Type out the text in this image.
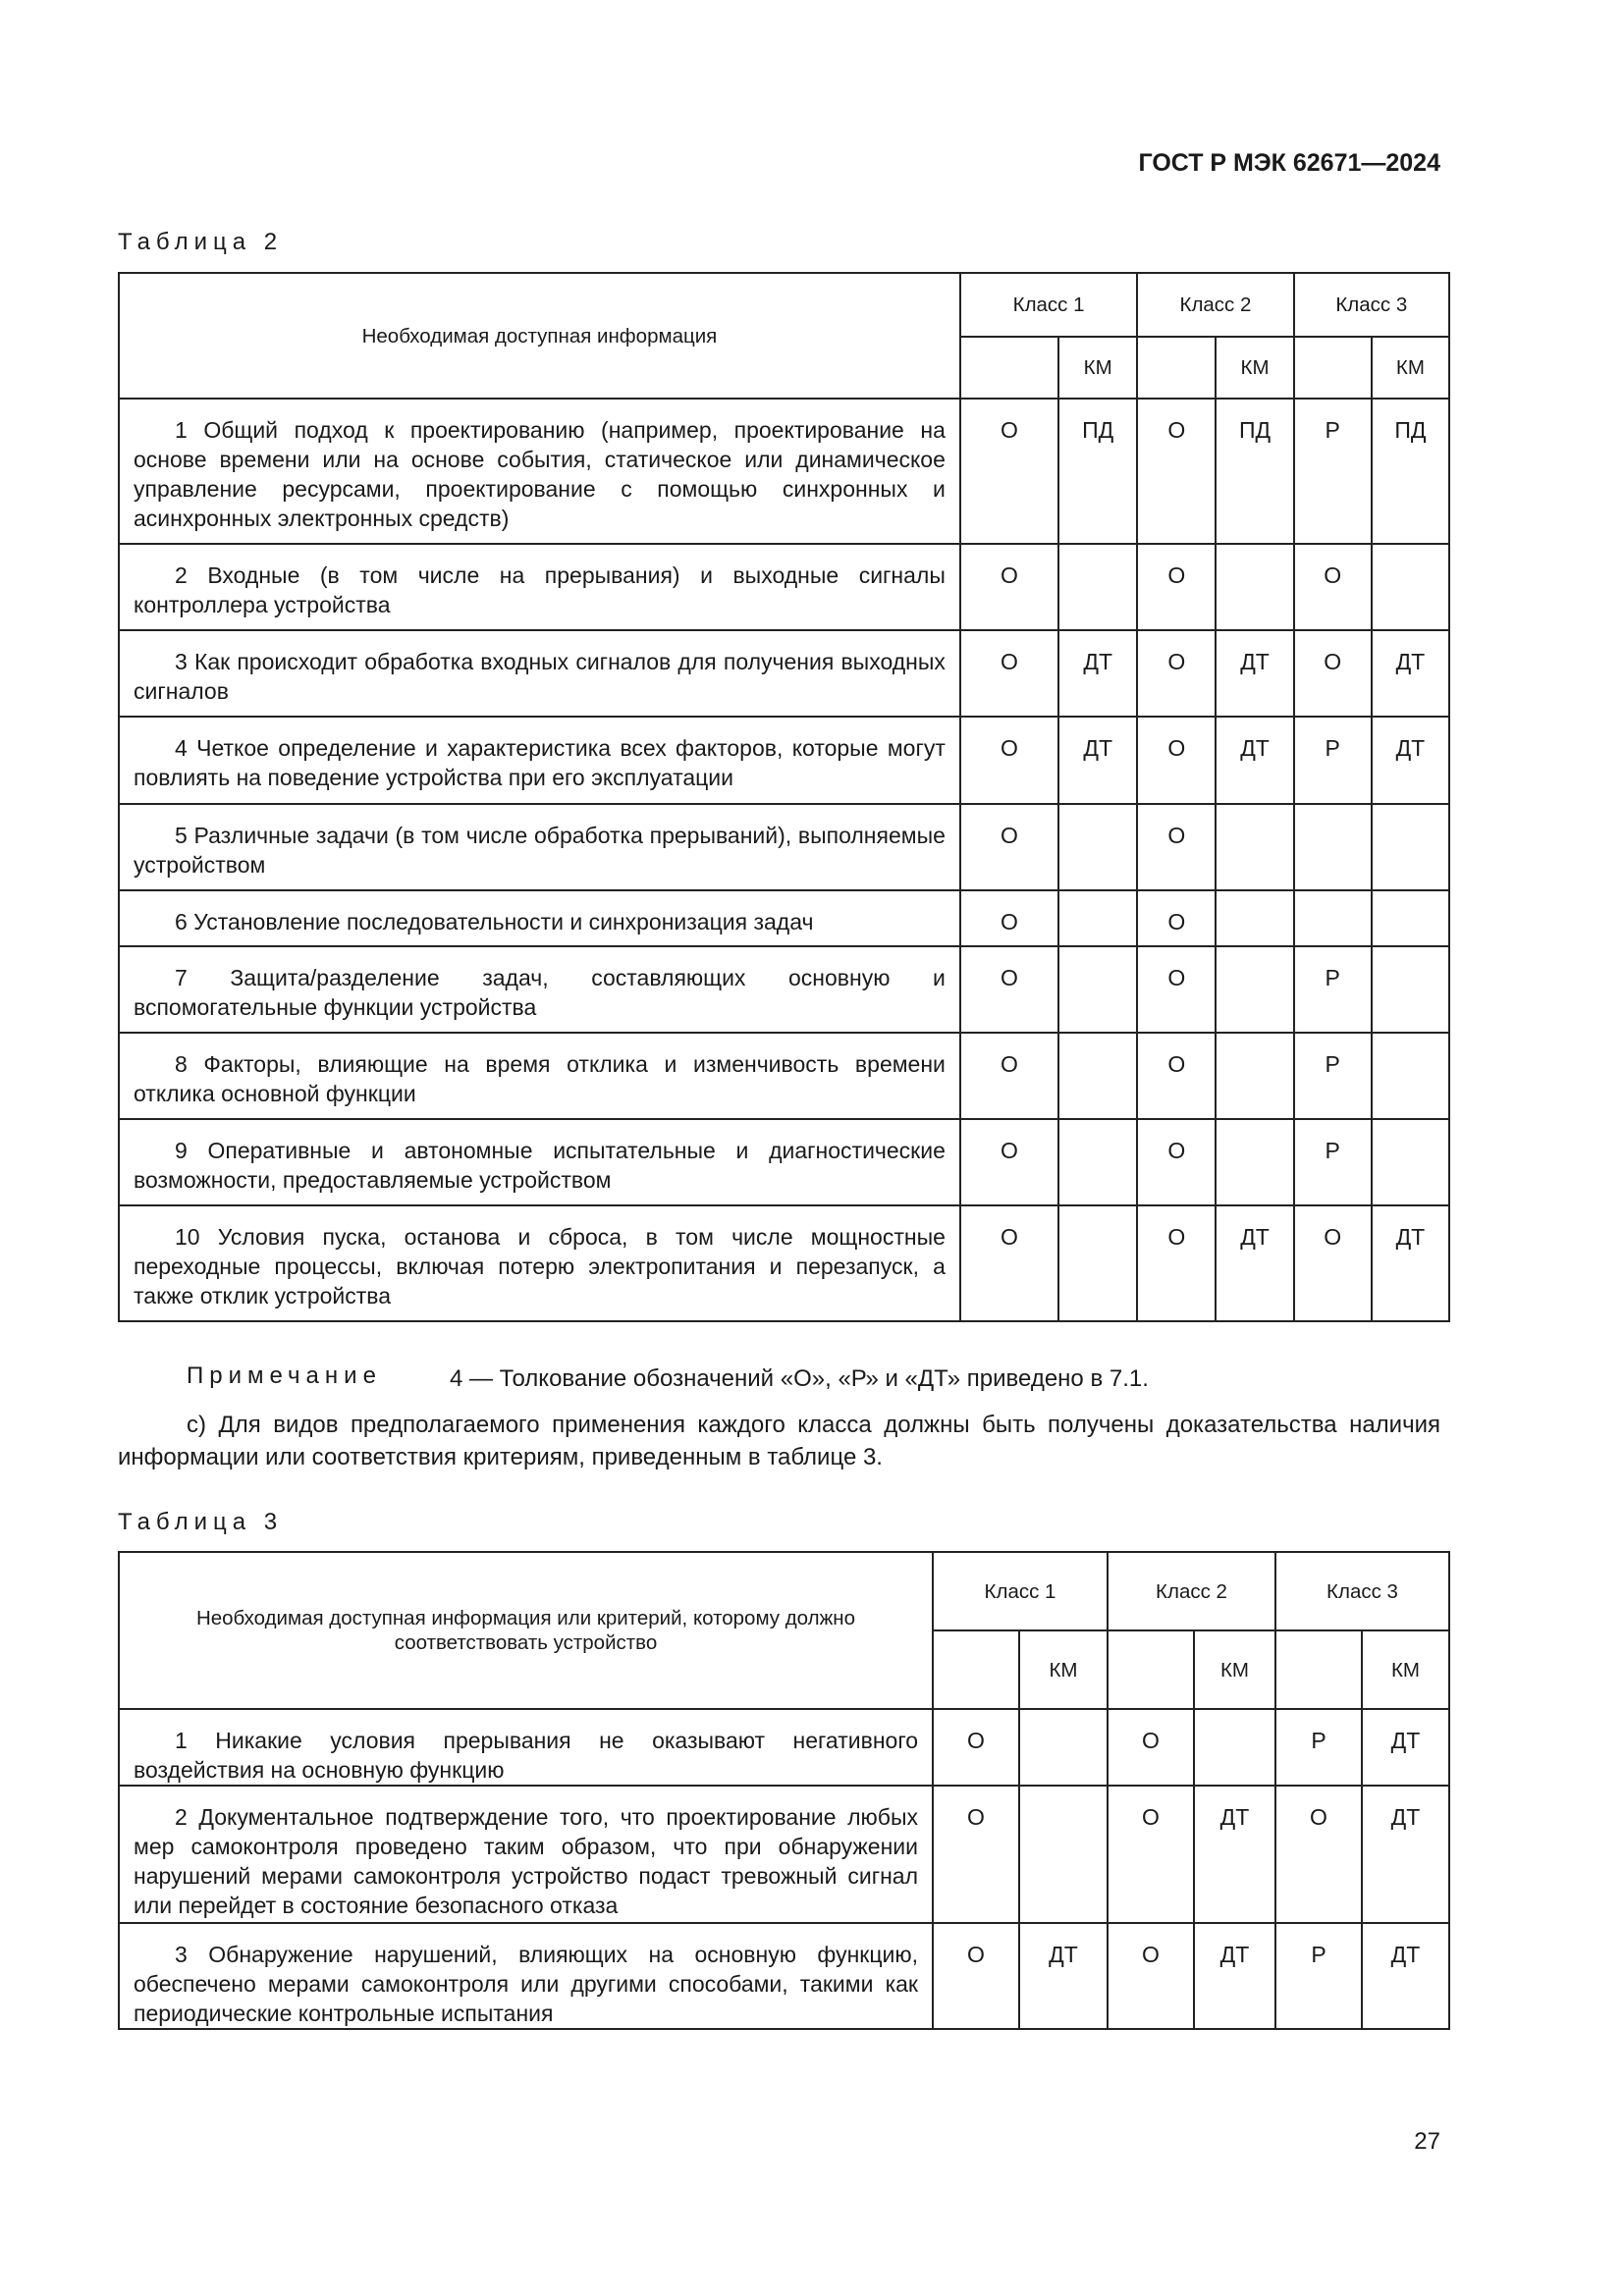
ГОСТ Р МЭК 62671—2024
Таблица 2
Необходимая доступная информация	Класс 1		Класс 2		Класс 3	
		КМ		КМ		КМ

1 Общий подход к проектированию (например, проектирование на основе времени или на основе события, статическое или динамическое управление ресурсами, проектирование с помощью синхронных и асинхронных электронных средств)	О	ПД	О	ПД	Р	ПД

2 Входные (в том числе на прерывания) и выходные сигналы контроллера устройства	О		О		О	

3 Как происходит обработка входных сигналов для получения выходных сигналов	О	ДТ	О	ДТ	О	ДТ

4 Четкое определение и характеристика всех факторов, которые могут повлиять на поведение устройства при его эксплуатации	О	ДТ	О	ДТ	Р	ДТ

5 Различные задачи (в том числе обработка прерываний), выполняемые устройством	О		О			

6 Установление последовательности и синхронизация задач	О		О			

7 Защита/разделение задач, составляющих основную и вспомогательные функции устройства	О		О		Р	

8 Факторы, влияющие на время отклика и изменчивость времени отклика основной функции	О		О		Р	

9 Оперативные и автономные испытательные и диагностические возможности, предоставляемые устройством	О		О		Р	

10 Условия пуска, останова и сброса, в том числе мощностные переходные процессы, включая потерю электропитания и перезапуск, а также отклик устройства	О		О	ДТ	О	ДТ
Примечание	4 — Толкование обозначений «О», «Р» и «ДТ» приведено в 7.1.
с) Для видов предполагаемого применения каждого класса должны быть получены доказательства наличия информации или соответствия критериям, приведенным в таблице 3.
Таблица 3
Необходимая доступная информация или критерий, которому должно соответствовать устройство	Класс 1		Класс 2		Класс 3	
		КМ		КМ		КМ

1 Никакие условия прерывания не оказывают негативного воздействия на основную функцию	О		О		Р	ДТ

2 Документальное подтверждение того, что проектирование любых мер самоконтроля проведено таким образом, что при обнаружении нарушений мерами самоконтроля устройство подаст тревожный сигнал или перейдет в состояние безопасного отказа	О		О	ДТ	О	ДТ

3 Обнаружение нарушений, влияющих на основную функцию, обеспечено мерами самоконтроля или другими способами, такими как периодические контрольные испытания	О	ДТ	О	ДТ	Р	ДТ
27
